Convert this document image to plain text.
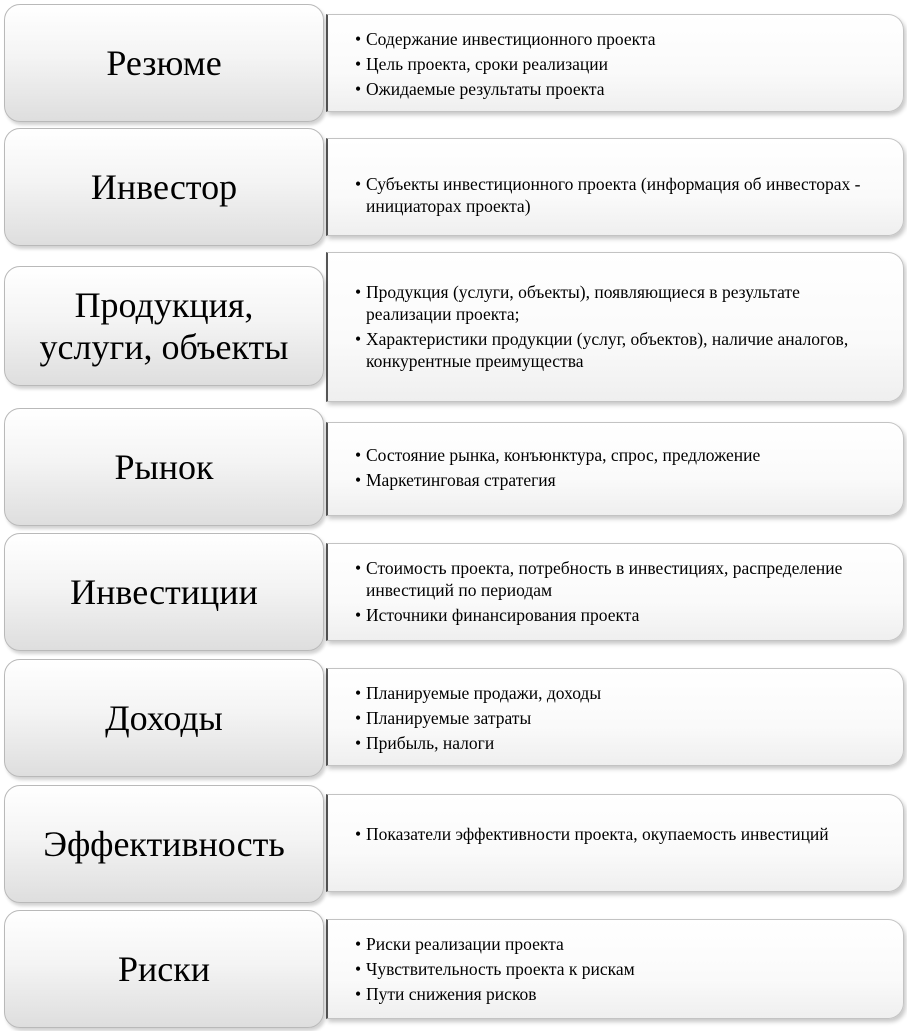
Резюме
• Содержание инвестиционного проекта
• Цель проекта, сроки реализации
• Ожидаемые результаты проекта
Инвестор	• Субъекты инвестиционного проекта (информация об инвесторах - инициаторах проекта)
Продукция, услуги, объекты
• Продукция (услуги, объекты), появляющиеся в результате реализации проекта;
• Характеристики продукции (услуг, объектов), наличие аналогов, конкурентные преимущества
Рынок	• Состояние рынка, конъюнктура, спрос, предложение
• Маркетинговая стратегия
Инвестиции
• Стоимость проекта, потребность в инвестициях, распределение инвестиций по периодам
• Источники финансирования проекта
Доходы
• Планируемые продажи, доходы
• Планируемые затраты
• Прибыль, налоги
Эффективность	• Показатели эффективности проекта, окупаемость инвестиций
Риски
• Риски реализации проекта
• Чувствительность проекта к рискам
• Пути снижения рисков
